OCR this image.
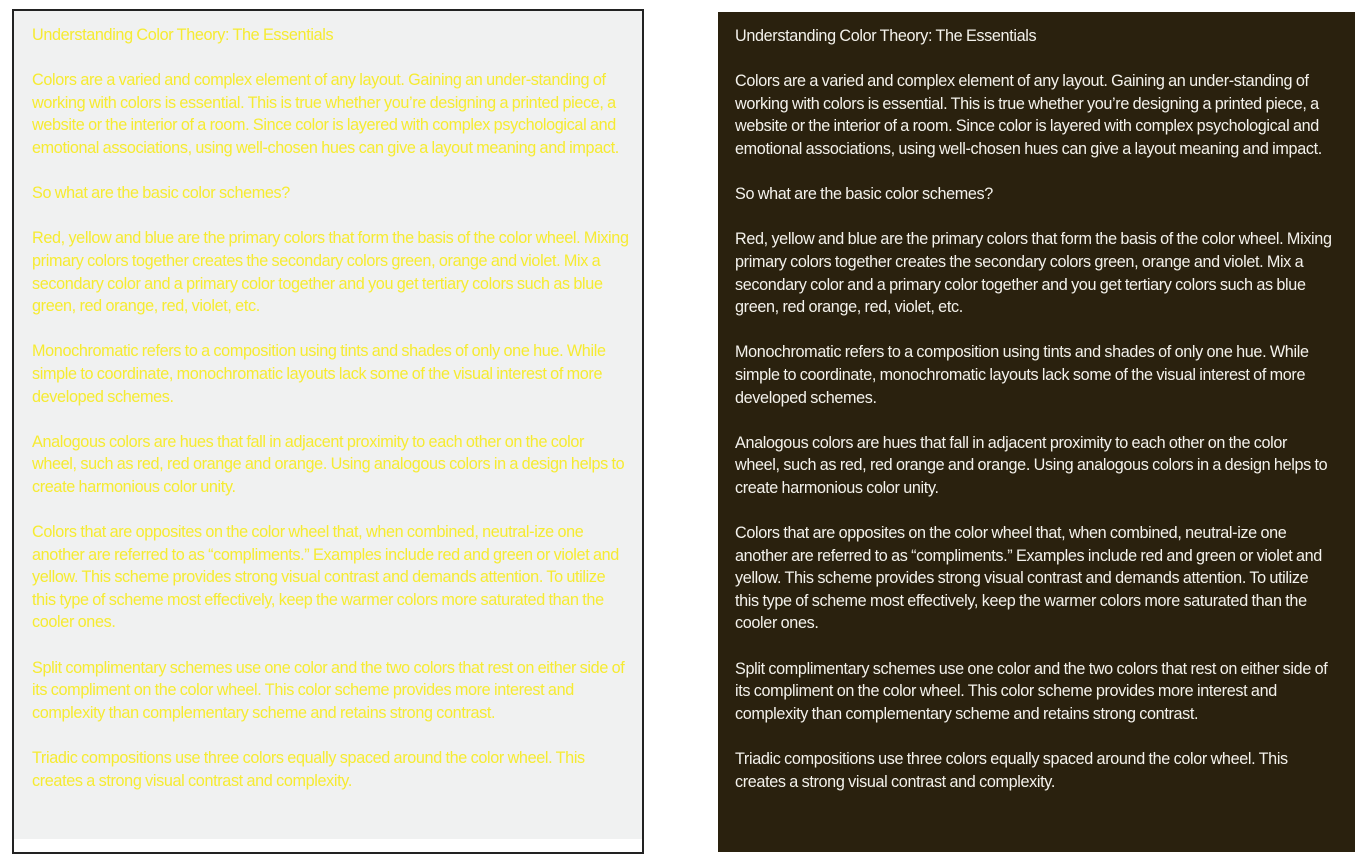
Understanding Color Theory: The Essentials

Colors are a varied and complex element of any layout. Gaining an under-standing of working with colors is essential. This is true whether you’re designing a printed piece, a website or the interior of a room. Since color is layered with complex psychological and emotional associations, using well-chosen hues can give a layout meaning and impact.

So what are the basic color schemes?

Red, yellow and blue are the primary colors that form the basis of the color wheel. Mixing primary colors together creates the secondary colors green, orange and violet. Mix a secondary color and a primary color together and you get tertiary colors such as blue green, red orange, red, violet, etc.

Monochromatic refers to a composition using tints and shades of only one hue. While simple to coordinate, monochromatic layouts lack some of the visual interest of more developed schemes.

Analogous colors are hues that fall in adjacent proximity to each other on the color wheel, such as red, red orange and orange. Using analogous colors in a design helps to create harmonious color unity.

Colors that are opposites on the color wheel that, when combined, neutral-ize one another are referred to as “compliments.” Examples include red and green or violet and yellow. This scheme provides strong visual contrast and demands attention. To utilize this type of scheme most effectively, keep the warmer colors more saturated than the cooler ones.

Split complimentary schemes use one color and the two colors that rest on either side of its compliment on the color wheel. This color scheme provides more interest and complexity than complementary scheme and retains strong contrast.

Triadic compositions use three colors equally spaced around the color wheel. This creates a strong visual contrast and complexity.

Understanding Color Theory: The Essentials

Colors are a varied and complex element of any layout. Gaining an under-standing of working with colors is essential. This is true whether you’re designing a printed piece, a website or the interior of a room. Since color is layered with complex psychological and emotional associations, using well-chosen hues can give a layout meaning and impact.

So what are the basic color schemes?

Red, yellow and blue are the primary colors that form the basis of the color wheel. Mixing primary colors together creates the secondary colors green, orange and violet. Mix a secondary color and a primary color together and you get tertiary colors such as blue green, red orange, red, violet, etc.

Monochromatic refers to a composition using tints and shades of only one hue. While simple to coordinate, monochromatic layouts lack some of the visual interest of more developed schemes.

Analogous colors are hues that fall in adjacent proximity to each other on the color wheel, such as red, red orange and orange. Using analogous colors in a design helps to create harmonious color unity.

Colors that are opposites on the color wheel that, when combined, neutral-ize one another are referred to as “compliments.” Examples include red and green or violet and yellow. This scheme provides strong visual contrast and demands attention. To utilize this type of scheme most effectively, keep the warmer colors more saturated than the cooler ones.

Split complimentary schemes use one color and the two colors that rest on either side of its compliment on the color wheel. This color scheme provides more interest and complexity than complementary scheme and retains strong contrast.

Triadic compositions use three colors equally spaced around the color wheel. This creates a strong visual contrast and complexity.
